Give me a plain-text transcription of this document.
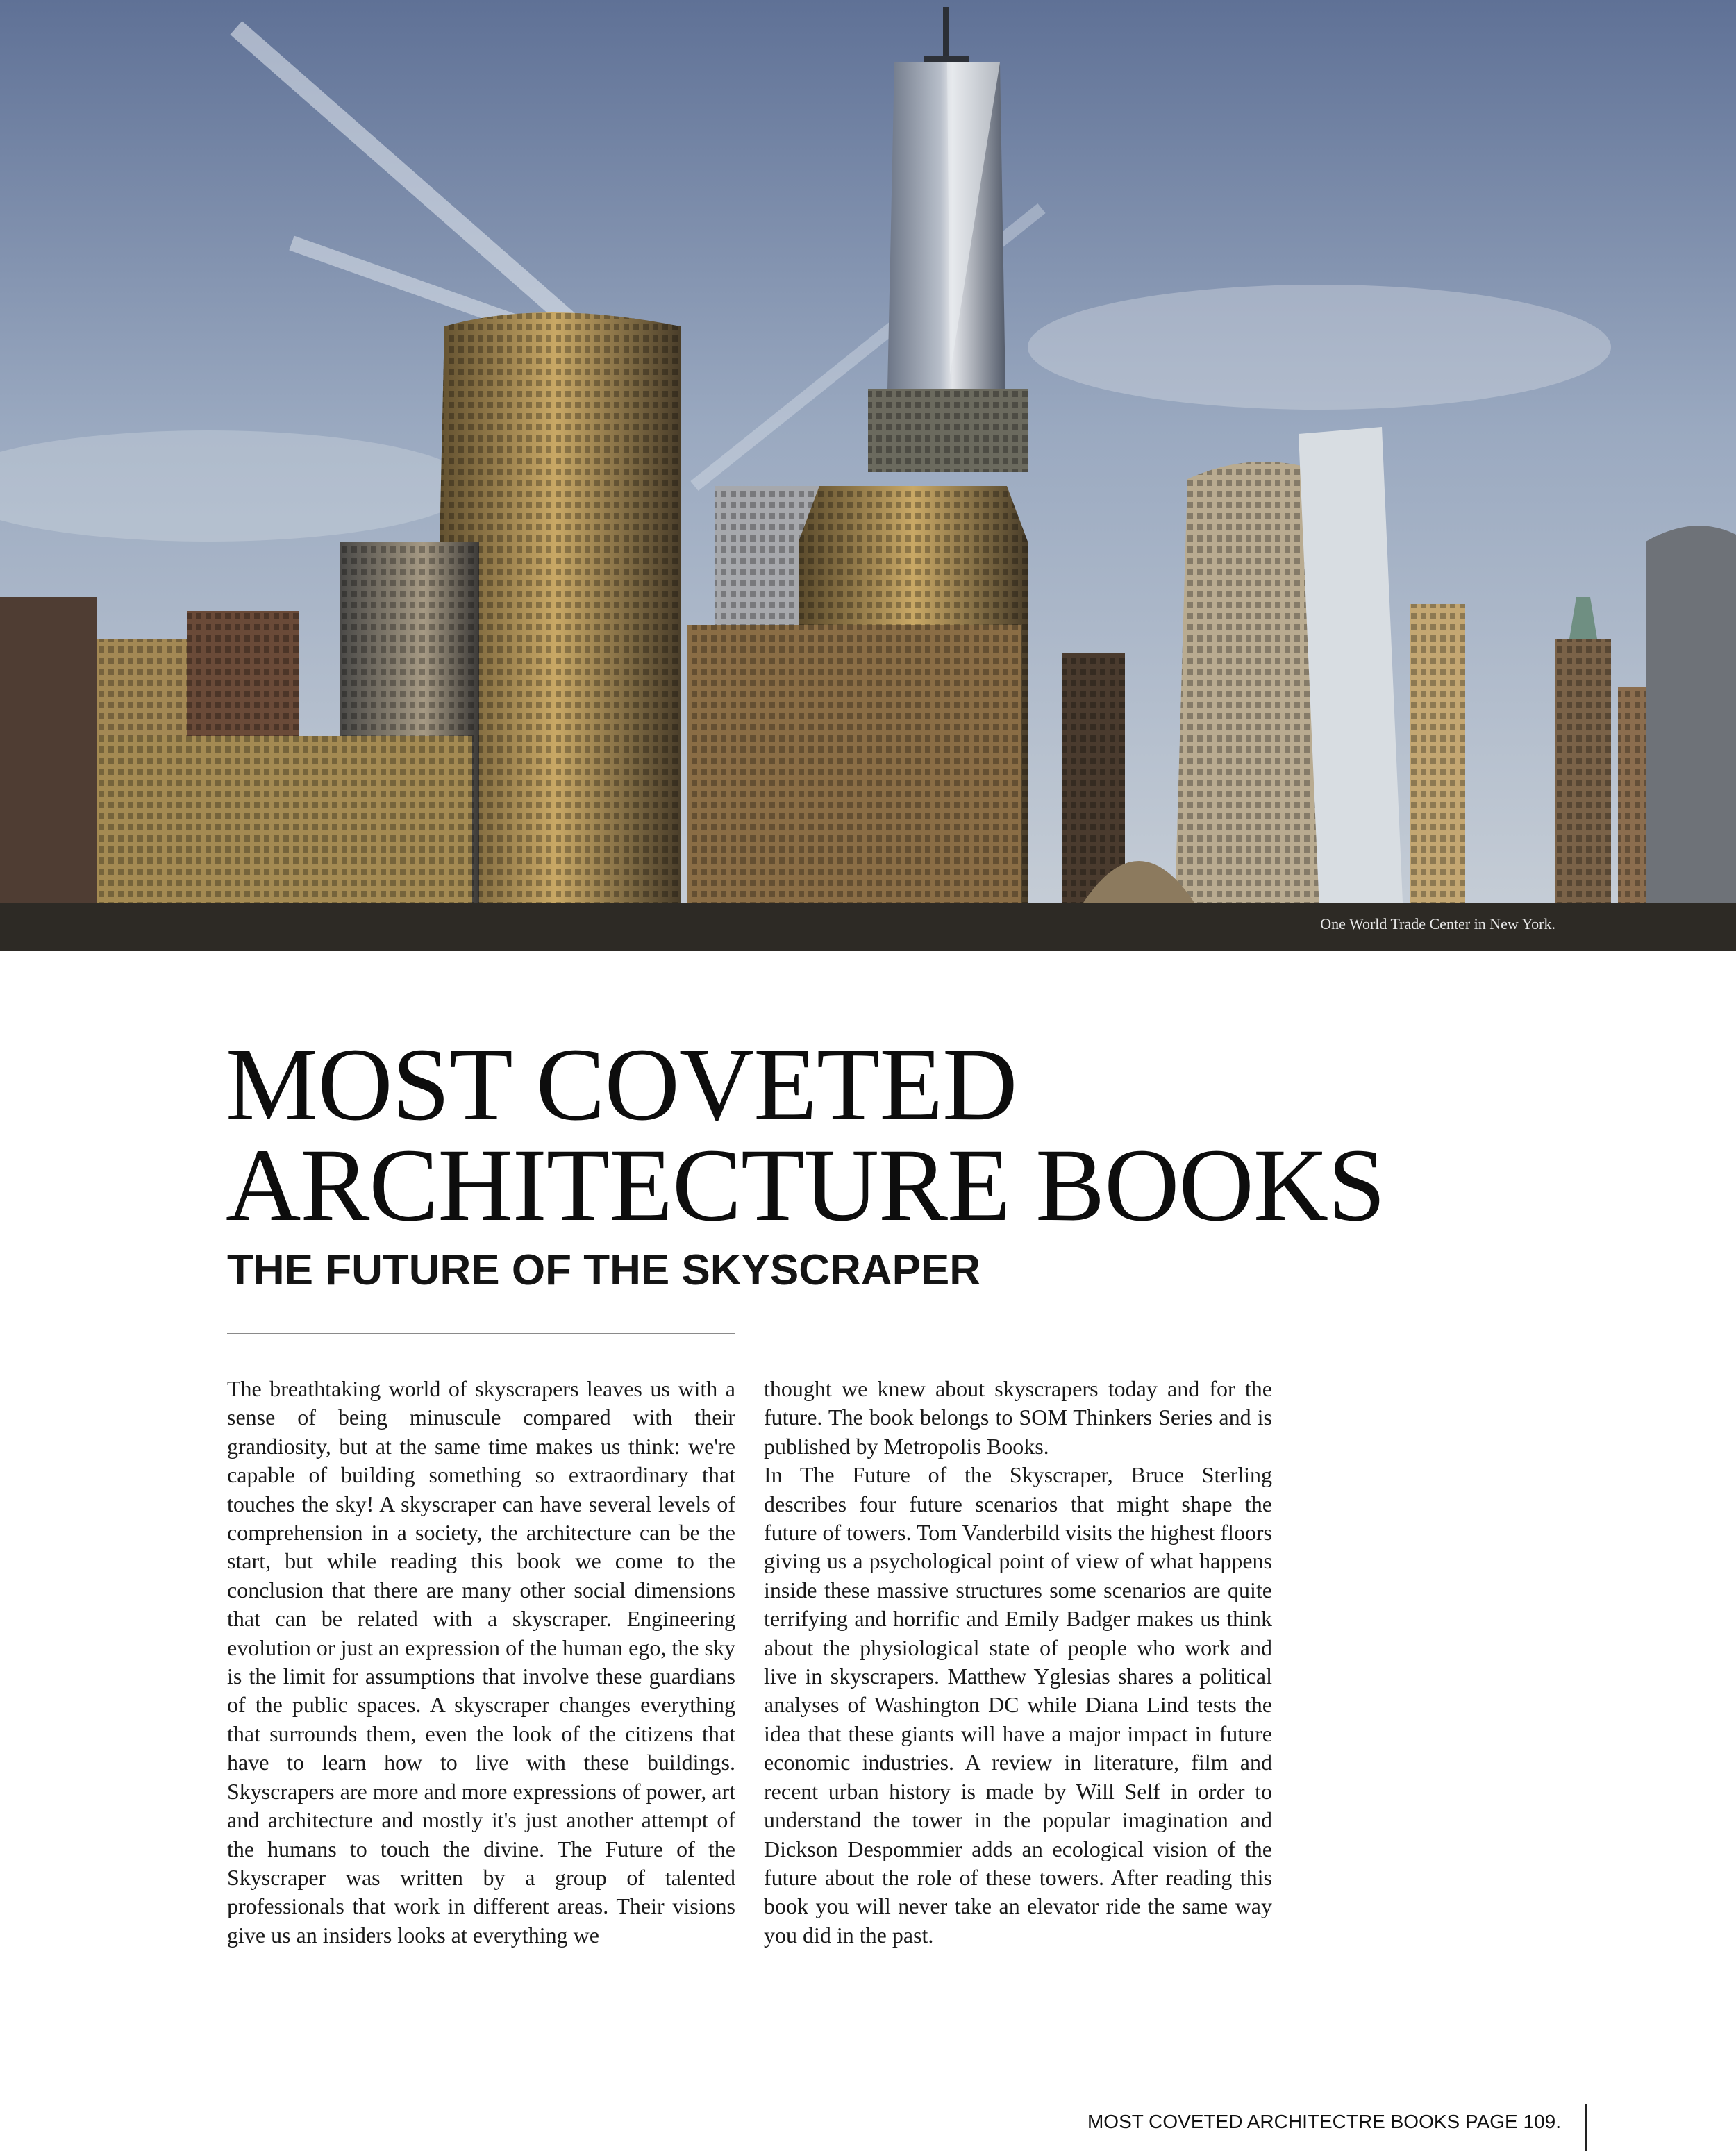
One World Trade Center in New York.
MOST COVETED
ARCHITECTURE BOOKS
THE FUTURE OF THE SKYSCRAPER

The breathtaking world of skyscrapers leaves us with a sense of being minuscule compared with their grandiosity, but at the same time makes us think: we're capable of building something so extraordinary that touches the sky! A skyscraper can have several levels of comprehension in a society, the architecture can be the start, but while reading this book we come to the conclusion that there are many other social dimensions that can be related with a skyscraper. Engineering evolution or just an expression of the human ego, the sky is the limit for assumptions that involve these guardians of the public spaces. A skyscraper changes everything that surrounds them, even the look of the citizens that have to learn how to live with these buildings. Skyscrapers are more and more expressions of power, art and architecture and mostly it's just another attempt of the humans to touch the divine. The Future of the Skyscraper was written by a group of talented professionals that work in different areas. Their visions give us an insiders looks at everything we

thought we knew about skyscrapers today and for the future. The book belongs to SOM Thinkers Series and is published by Metropolis Books.

In The Future of the Skyscraper, Bruce Sterling describes four future scenarios that might shape the future of towers. Tom Vanderbild visits the highest floors giving us a psychological point of view of what happens inside these massive structures some scenarios are quite terrifying and horrific and Emily Badger makes us think about the physiological state of people who work and live in skyscrapers. Matthew Yglesias shares a political analyses of Washington DC while Diana Lind tests the idea that these giants will have a major impact in future economic industries. A review in literature, film and recent urban history is made by Will Self in order to understand the tower in the popular imagination and Dickson Despommier adds an ecological vision of the future about the role of these towers. After reading this book you will never take an elevator ride the same way you did in the past.

MOST COVETED ARCHITECTRE BOOKS PAGE 109.
